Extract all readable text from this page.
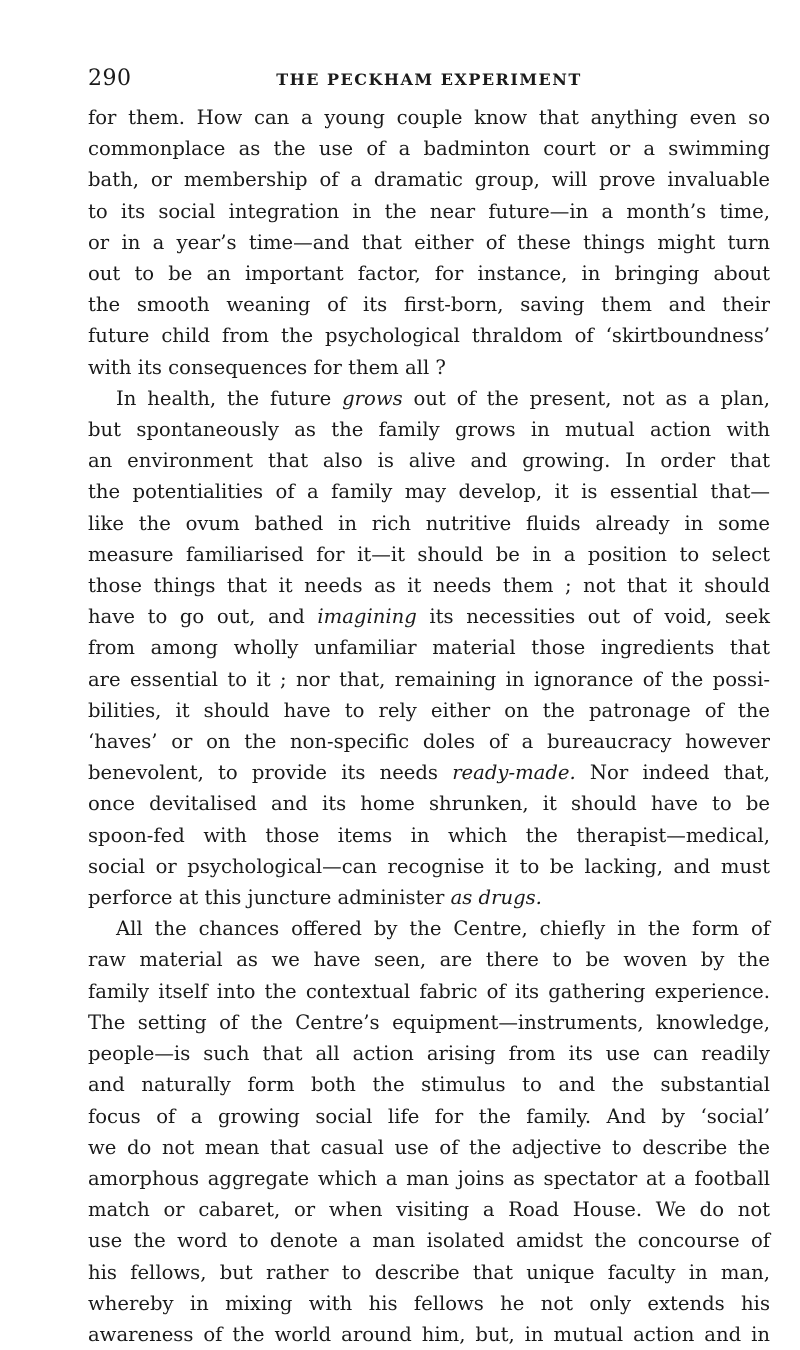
290	THE PECKHAM EXPERIMENT

for them. How can a young couple know that anything even so
commonplace as the use of a badminton court or a swimming
bath, or membership of a dramatic group, will prove invaluable
to its social integration in the near future—in a month’s time,
or in a year’s time—and that either of these things might turn
out to be an important factor, for instance, in bringing about
the smooth weaning of its first-born, saving them and their
future child from the psychological thraldom of ‘skirtboundness’
with its consequences for them all ?

In health, the future grows out of the present, not as a plan,
but spontaneously as the family grows in mutual action with
an environment that also is alive and growing. In order that
the potentialities of a family may develop, it is essential that—
like the ovum bathed in rich nutritive fluids already in some
measure familiarised for it—it should be in a position to select
those things that it needs as it needs them ; not that it should
have to go out, and imagining its necessities out of void, seek
from among wholly unfamiliar material those ingredients that
are essential to it ; nor that, remaining in ignorance of the possi-
bilities, it should have to rely either on the patronage of the
‘haves’ or on the non-specific doles of a bureaucracy however
benevolent, to provide its needs ready-made. Nor indeed that,
once devitalised and its home shrunken, it should have to be
spoon-fed with those items in which the therapist—medical,
social or psychological—can recognise it to be lacking, and must
perforce at this juncture administer as drugs.

All the chances offered by the Centre, chiefly in the form of
raw material as we have seen, are there to be woven by the
family itself into the contextual fabric of its gathering experience.
The setting of the Centre’s equipment—instruments, knowledge,
people—is such that all action arising from its use can readily
and naturally form both the stimulus to and the substantial
focus of a growing social life for the family. And by ‘social’
we do not mean that casual use of the adjective to describe the
amorphous aggregate which a man joins as spectator at a football
match or cabaret, or when visiting a Road House. We do not
use the word to denote a man isolated amidst the concourse of
his fellows, but rather to describe that unique faculty in man,
whereby in mixing with his fellows he not only extends his
awareness of the world around him, but, in mutual action and in
